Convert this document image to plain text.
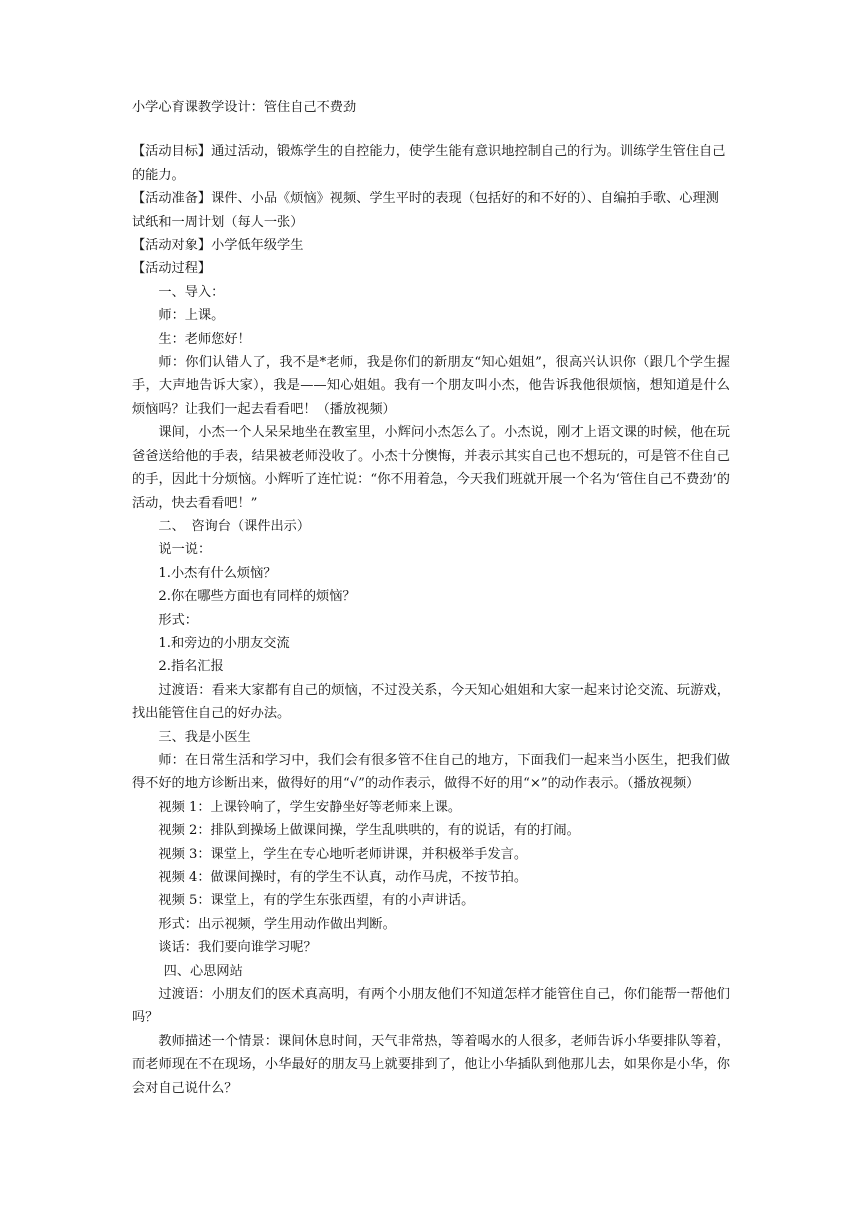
小学心育课教学设计：管住自己不费劲

【活动目标】通过活动，锻炼学生的自控能力，使学生能有意识地控制自己的行为。训练学生管住自己的能力。

【活动准备】课件、小品《烦恼》视频、学生平时的表现（包括好的和不好的）、自编拍手歌、心理测试纸和一周计划（每人一张）

【活动对象】小学低年级学生

【活动过程】

一、导入：

师：上课。

生：老师您好！

师：你们认错人了，我不是*老师，我是你们的新朋友“知心姐姐”，很高兴认识你（跟几个学生握手，大声地告诉大家），我是——知心姐姐。我有一个朋友叫小杰，他告诉我他很烦恼，想知道是什么烦恼吗？让我们一起去看看吧！（播放视频）

课间，小杰一个人呆呆地坐在教室里，小辉问小杰怎么了。小杰说，刚才上语文课的时候，他在玩爸爸送给他的手表，结果被老师没收了。小杰十分懊悔，并表示其实自己也不想玩的，可是管不住自己的手，因此十分烦恼。小辉听了连忙说：“你不用着急，今天我们班就开展一个名为‘管住自己不费劲’的活动，快去看看吧！”

二、　咨询台（课件出示）

说一说：

1.小杰有什么烦恼？

2.你在哪些方面也有同样的烦恼？

形式：

1.和旁边的小朋友交流

2.指名汇报

过渡语：看来大家都有自己的烦恼，不过没关系，今天知心姐姐和大家一起来讨论交流、玩游戏，找出能管住自己的好办法。

三、我是小医生

师：在日常生活和学习中，我们会有很多管不住自己的地方，下面我们一起来当小医生，把我们做得不好的地方诊断出来，做得好的用“√”的动作表示，做得不好的用“×”的动作表示。（播放视频）

视频 1：上课铃响了，学生安静坐好等老师来上课。

视频 2：排队到操场上做课间操，学生乱哄哄的，有的说话，有的打闹。

视频 3：课堂上，学生在专心地听老师讲课，并积极举手发言。

视频 4：做课间操时，有的学生不认真，动作马虎，不按节拍。

视频 5：课堂上，有的学生东张西望，有的小声讲话。

形式：出示视频，学生用动作做出判断。

谈话：我们要向谁学习呢？

四、心思网站

过渡语：小朋友们的医术真高明，有两个小朋友他们不知道怎样才能管住自己，你们能帮一帮他们吗？

教师描述一个情景：课间休息时间，天气非常热，等着喝水的人很多，老师告诉小华要排队等着，而老师现在不在现场，小华最好的朋友马上就要排到了，他让小华插队到他那儿去，如果你是小华，你会对自己说什么？
